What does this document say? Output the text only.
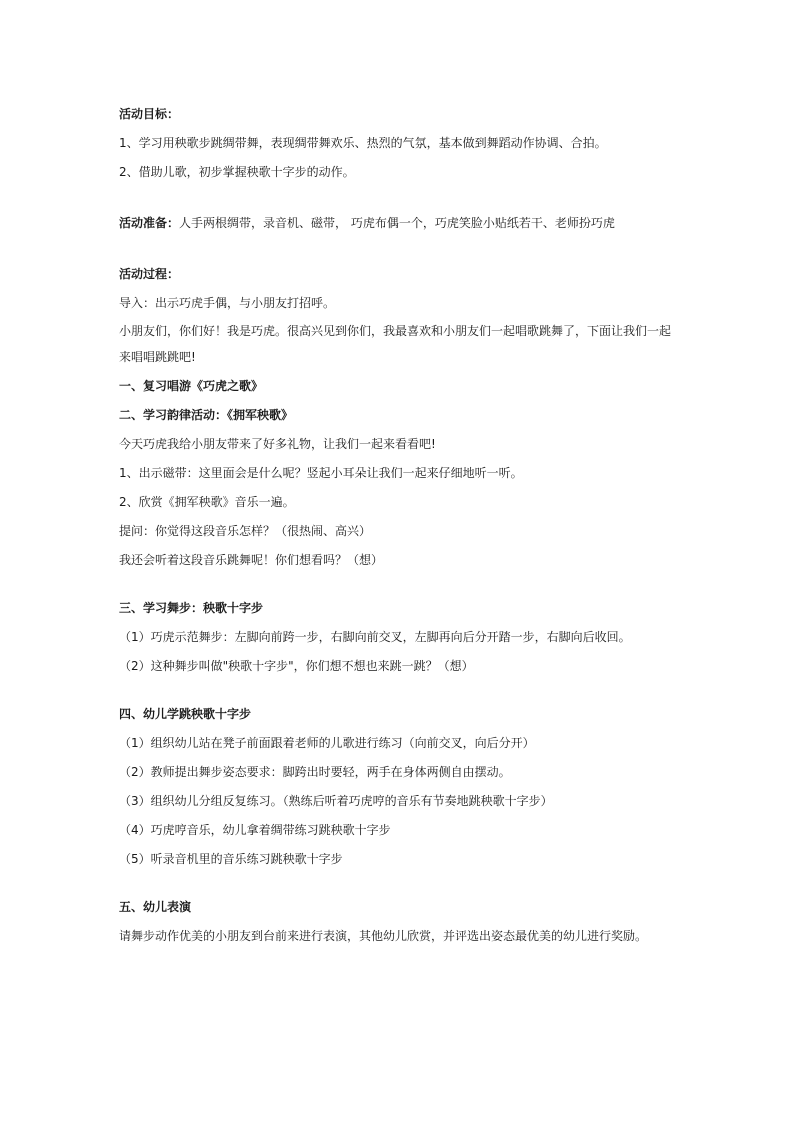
活动目标：
1、学习用秧歌步跳绸带舞，表现绸带舞欢乐、热烈的气氛，基本做到舞蹈动作协调、合拍。
2、借助儿歌，初步掌握秧歌十字步的动作。
活动准备：人手两根绸带，录音机、磁带， 巧虎布偶一个，巧虎笑脸小贴纸若干、老师扮巧虎
活动过程：
导入：出示巧虎手偶，与小朋友打招呼。
小朋友们，你们好！我是巧虎。很高兴见到你们，我最喜欢和小朋友们一起唱歌跳舞了，下面让我们一起来唱唱跳跳吧!
一、复习唱游《巧虎之歌》
二、学习韵律活动：《拥军秧歌》
今天巧虎我给小朋友带来了好多礼物，让我们一起来看看吧!
1、出示磁带：这里面会是什么呢？竖起小耳朵让我们一起来仔细地听一听。
2、欣赏《拥军秧歌》音乐一遍。
提问：你觉得这段音乐怎样？（很热闹、高兴）
我还会听着这段音乐跳舞呢！你们想看吗？（想）
三、学习舞步：秧歌十字步
（1）巧虎示范舞步：左脚向前跨一步，右脚向前交叉，左脚再向后分开踏一步，右脚向后收回。
（2）这种舞步叫做"秧歌十字步"，你们想不想也来跳一跳？（想）
四、幼儿学跳秧歌十字步
（1）组织幼儿站在凳子前面跟着老师的儿歌进行练习（向前交叉，向后分开）
（2）教师提出舞步姿态要求：脚跨出时要轻，两手在身体两侧自由摆动。
（3）组织幼儿分组反复练习。（熟练后听着巧虎哼的音乐有节奏地跳秧歌十字步）
（4）巧虎哼音乐，幼儿拿着绸带练习跳秧歌十字步
（5）听录音机里的音乐练习跳秧歌十字步
五、幼儿表演
请舞步动作优美的小朋友到台前来进行表演，其他幼儿欣赏，并评选出姿态最优美的幼儿进行奖励。
